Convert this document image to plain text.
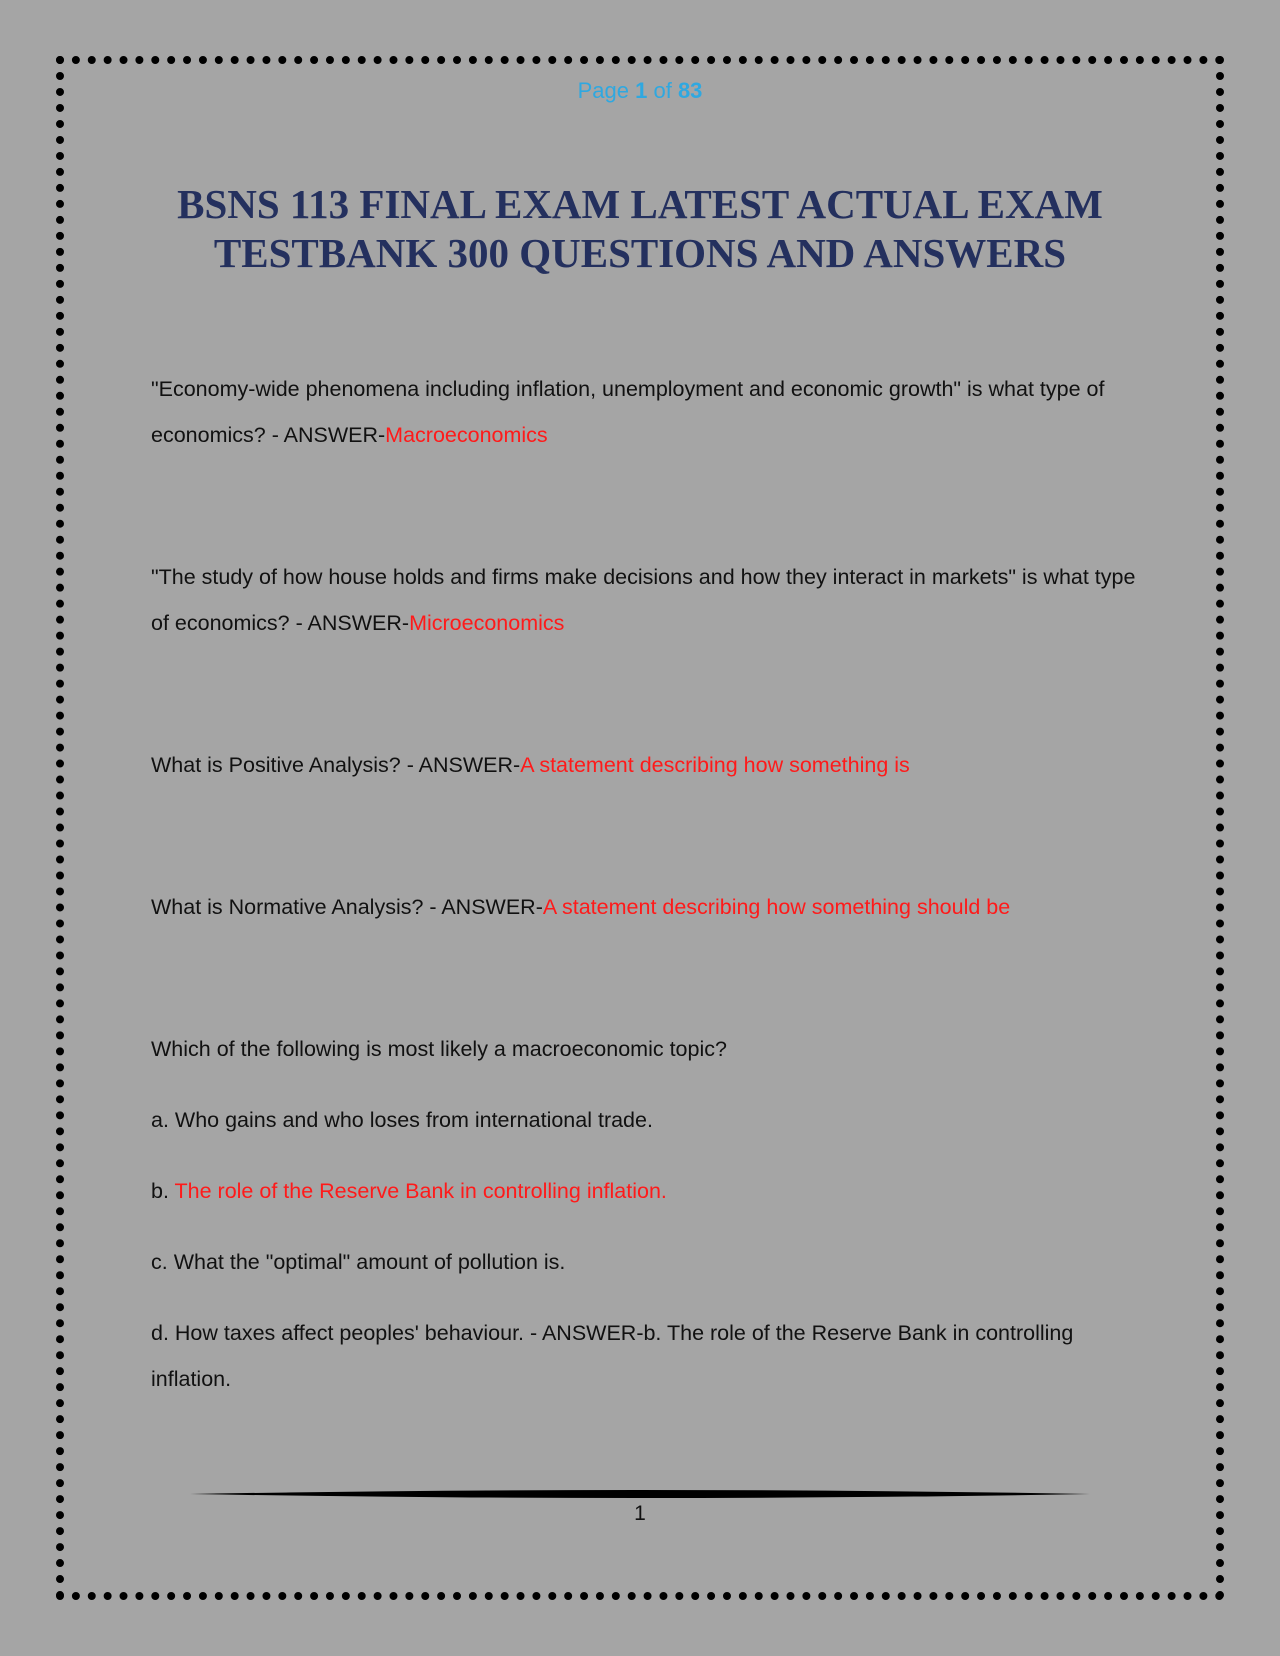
Page 1 of 83
BSNS 113 FINAL EXAM LATEST ACTUAL EXAM
TESTBANK 300 QUESTIONS AND ANSWERS

"Economy-wide phenomena including inflation, unemployment and economic growth" is what type of economics? - ANSWER-Macroeconomics

"The study of how house holds and firms make decisions and how they interact in markets" is what type of economics? - ANSWER-Microeconomics

What is Positive Analysis? - ANSWER-A statement describing how something is

What is Normative Analysis? - ANSWER-A statement describing how something should be

Which of the following is most likely a macroeconomic topic?

a. Who gains and who loses from international trade.

b. The role of the Reserve Bank in controlling inflation.

c. What the "optimal" amount of pollution is.

d. How taxes affect peoples' behaviour. - ANSWER-b. The role of the Reserve Bank in controlling inflation.

1
